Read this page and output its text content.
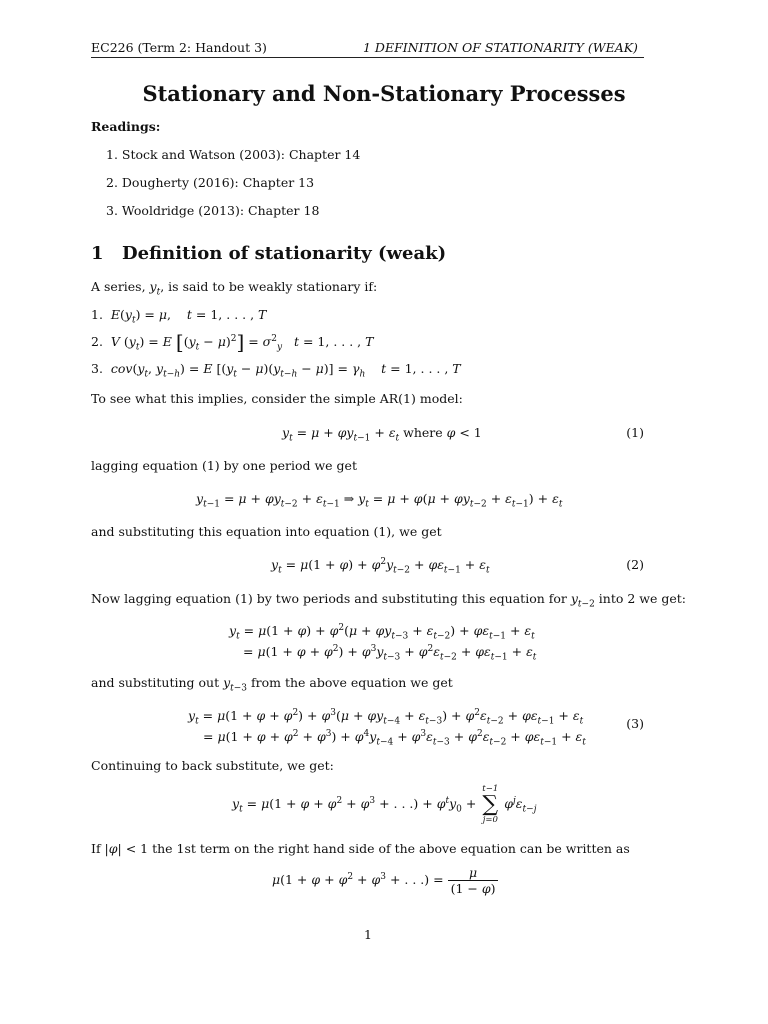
EC226 (Term 2: Handout 3)	1 DEFINITION OF STATIONARITY (WEAK)
Stationary and Non-Stationary Processes
Readings:
1. Stock and Watson (2003): Chapter 14
2. Dougherty (2016): Chapter 13
3. Wooldridge (2013): Chapter 18
1 Definition of stationarity (weak)
A series, $y_t$, is said to be weakly stationary if:
1.  $E(y_t) = \mu$,    t = 1, . . . , T
2.  V $(y_t) = E$ $[(y_t - \mu)^2] = \sigma^2_y$ t = 1, . . . , T
3.  $cov(y_t$, $y_{t-h}) = E$ $[(y_t - \mu)(y_{t-h} - \mu)] = \gamma_h$ t = 1, . . . , T
To see what this implies, consider the simple AR(1) model:
$y_t = \mu + \varphi y_{t-1} + \varepsilon_t$ where φ < 1	(1)
lagging equation (1) by one period we get
$y_{t-1} = \mu + \varphi y_{t-2} + \varepsilon_{t-1}$ ⇒ $y_t = \mu + \varphi(\mu + \varphi y_{t-2} + \varepsilon_{t-1}) + \varepsilon_t$
and substituting this equation into equation (1), we get
$y_t = \mu(1 + \varphi) + \varphi^2y_{t-2} + \varphi\varepsilon_{t-1} + \varepsilon_t$	(2)
Now lagging equation (1) by two periods and substituting this equation for $y_{t-2}$ into 2 we get:
$y_t = \mu(1 + \varphi) + \varphi^2(\mu + \varphi y_{t-3} + \varepsilon_{t-2}) + \varphi\varepsilon_{t-1} + \varepsilon_t$
= $\mu(1 + \varphi + \varphi^2) + \varphi^3y_{t-3} + \varphi^2\varepsilon_{t-2} + \varphi\varepsilon_{t-1} + \varepsilon_t$
and substituting out $y_{t-3}$ from the above equation we get
$y_t = \mu(1 + \varphi + \varphi^2) + \varphi^3(\mu + \varphi y_{t-4} + \varepsilon_{t-3}) + \varphi^2\varepsilon_{t-2} + \varphi\varepsilon_{t-1} + \varepsilon_t$
= $\mu(1 + \varphi + \varphi^2 + \varphi^3) + \varphi^4y_{t-4} + \varphi^3\varepsilon_{t-3} + \varphi^2\varepsilon_{t-2} + \varphi\varepsilon_{t-1} + \varepsilon_t$
(3)
Continuing to back substitute, we get:
$y_t = \mu(1 + \varphi + \varphi^2 + \varphi^3$ + . . .) + $\varphi^ty_0$ +
t−1
∑
j=0
$\varphi^j\varepsilon_{t-j}$
If |φ| < 1 the 1st term on the right hand side of the above equation can be written as
$\mu(1 + \varphi + \varphi^2 + \varphi^3$ + . . .) = $\frac{\mu}{(1 - \varphi)}$
1
